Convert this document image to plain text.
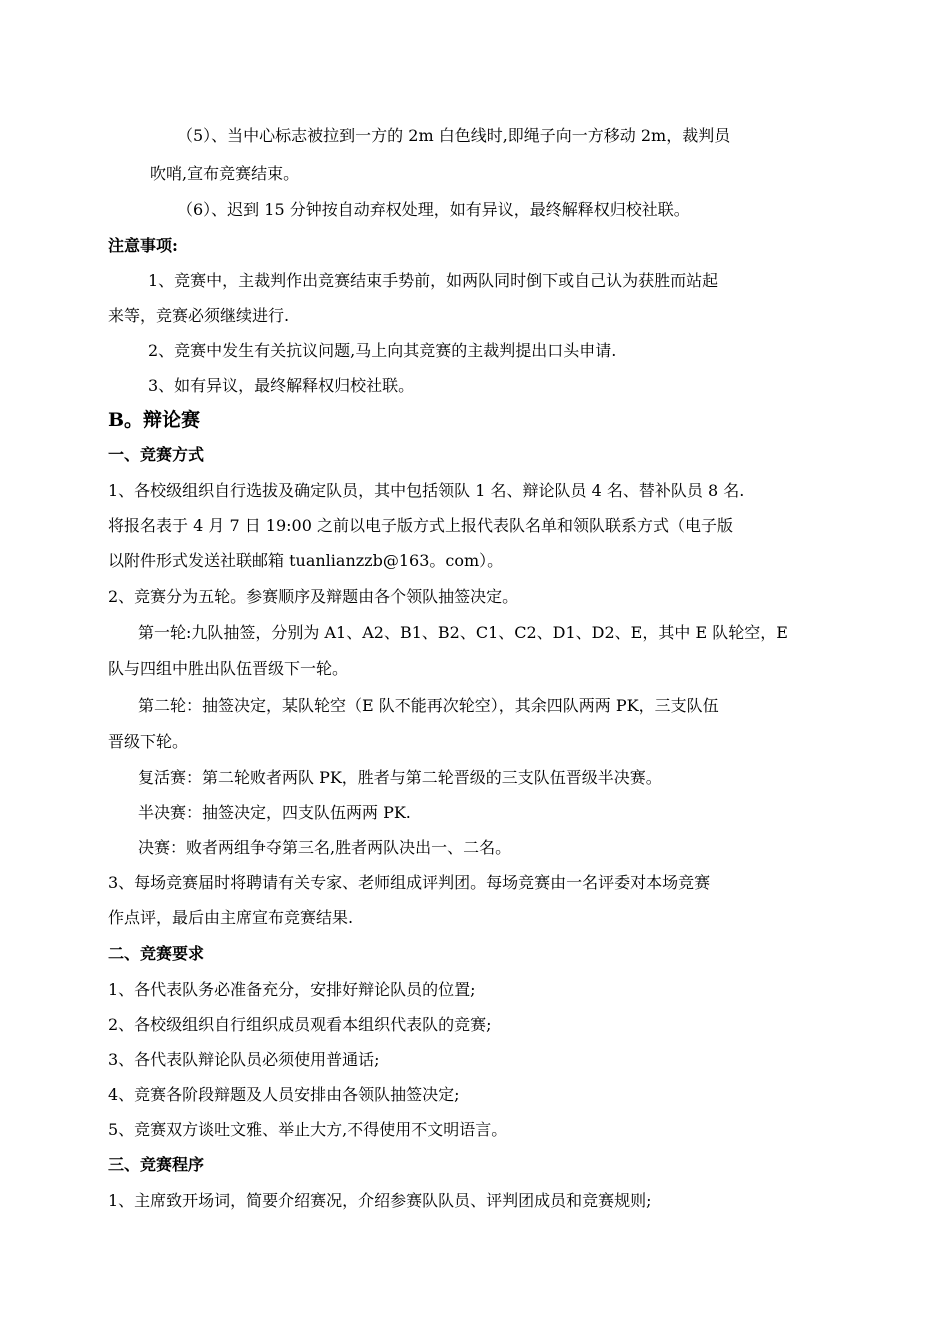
（5）、当中心标志被拉到一方的 2m 白色线时,即绳子向一方移动 2m，裁判员
吹哨,宣布竞赛结束。
（6）、迟到 15 分钟按自动弃权处理，如有异议，最终解释权归校社联。
注意事项:
1、竞赛中，主裁判作出竞赛结束手势前，如两队同时倒下或自己认为获胜而站起
来等，竞赛必须继续进行.
2、竞赛中发生有关抗议问题,马上向其竞赛的主裁判提出口头申请.
3、如有异议，最终解释权归校社联。
B。辩论赛
一、竞赛方式
1、各校级组织自行选拔及确定队员，其中包括领队 1 名、辩论队员 4 名、替补队员 8 名.
将报名表于 4 月 7 日 19:00 之前以电子版方式上报代表队名单和领队联系方式（电子版
以附件形式发送社联邮箱 tuanlianzzb@163。com）。
2、竞赛分为五轮。参赛顺序及辩题由各个领队抽签决定。
第一轮:九队抽签，分别为 A1、A2、B1、B2、C1、C2、D1、D2、E，其中 E 队轮空，E
队与四组中胜出队伍晋级下一轮。
第二轮：抽签决定，某队轮空（E 队不能再次轮空），其余四队两两 PK，三支队伍
晋级下轮。
复活赛：第二轮败者两队 PK，胜者与第二轮晋级的三支队伍晋级半决赛。
半决赛：抽签决定，四支队伍两两 PK.
决赛：败者两组争夺第三名,胜者两队决出一、二名。
3、每场竞赛届时将聘请有关专家、老师组成评判团。每场竞赛由一名评委对本场竞赛
作点评，最后由主席宣布竞赛结果.
二、竞赛要求
1、各代表队务必准备充分，安排好辩论队员的位置;
2、各校级组织自行组织成员观看本组织代表队的竞赛;
3、各代表队辩论队员必须使用普通话;
4、竞赛各阶段辩题及人员安排由各领队抽签决定;
5、竞赛双方谈吐文雅、举止大方,不得使用不文明语言。
三、竞赛程序
1、主席致开场词，简要介绍赛况，介绍参赛队队员、评判团成员和竞赛规则;
